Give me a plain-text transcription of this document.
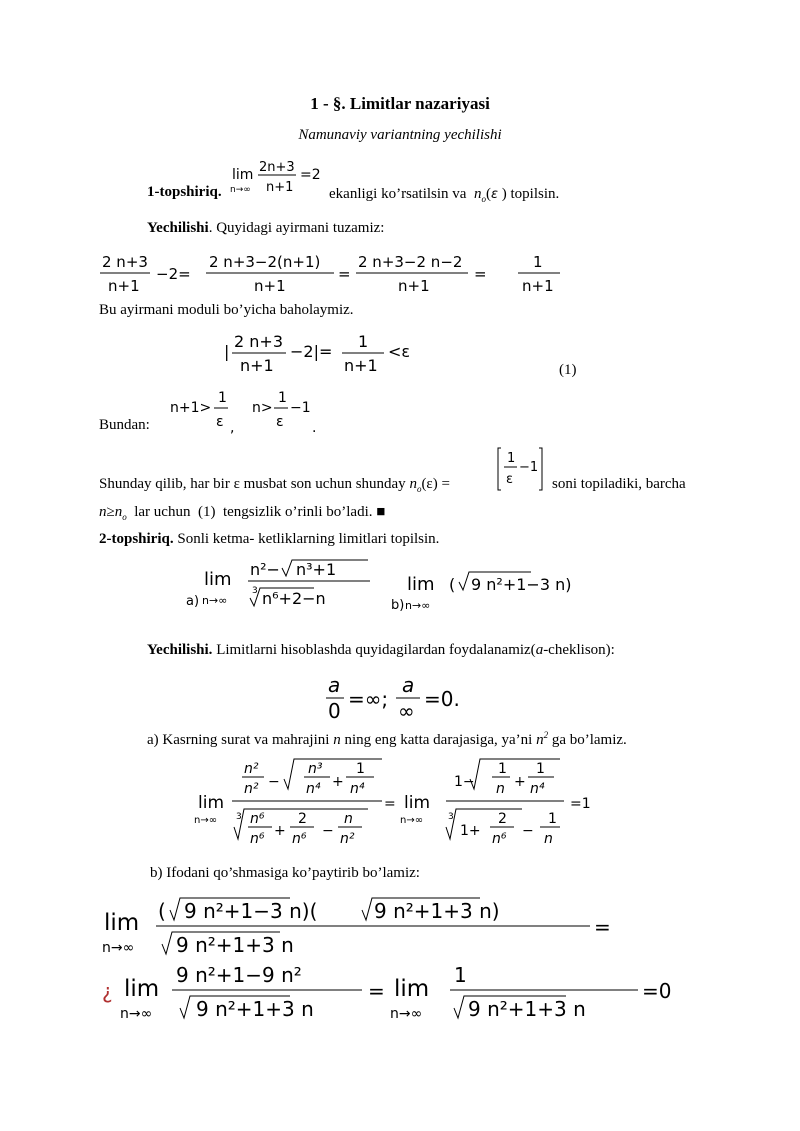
1 - §. Limitlar nazariyasi
Namunaviy variantning yechilishi
lim
n→∞
2n+3
n+1
=2
1-topshiriq.	ekanligi ko’rsatilsin va  $n_o(\varepsilon$ ) topilsin.
Yechilishi. Quyidagi ayirmani tuzamiz:
2 n+3
n+1
−2=
2 n+3−2(n+1)
n+1
=
2 n+3−2 n−2
n+1
=
1
n+1
Bu ayirmani moduli bo’yicha baholaymiz.
|
2 n+3
n+1
−2|=
1
n+1
<ε
(1)
Bundan:
n+1>
1
ε ,
n>
1
ε
−1
.
Shunday qilib, har bir ε musbat son uchun shunday $n_o(\varepsilon)$ =
1
ε
−1
soni topiladiki, barcha
$n\ge n_o$  lar uchun  (1)  tengsizlik o’rinli bo’ladi. ■
2-topshiriq. Sonli ketma- ketliklarning limitlari topilsin.
a)
lim
n→∞
n²− n³+1
3 n⁶+2−n	b)
lim
n→∞
( 9 n²+1−3 n)
Yechilishi. Limitlarni hisoblashda quyidagilardan foydalanamiz(a-cheklison):
a
0 =∞;
a
∞ =0.
a) Kasrning surat va mahrajini n ning eng katta darajasiga, ya’ni $n^2$ ga bo’lamiz.
lim
n→∞
n²
n² −
n³
n⁴ +
1
n⁴
3 n⁶
n⁶ +
2
n⁶ −
n
n²
= lim
n→∞
1−
1
n +
1
n⁴
3
1+
2
n⁶ −
1
n
=1
b) Ifodani qo’shmasiga ko’paytirib bo’lamiz:
lim
n→∞
( 9 n²+1−3 n)(	9 n²+1+3 n)
9 n²+1+3 n
=
¿ lim
n→∞
9 n²+1−9 n²
9 n²+1+3 n
= lim
n→∞
1
9 n²+1+3 n
=0
